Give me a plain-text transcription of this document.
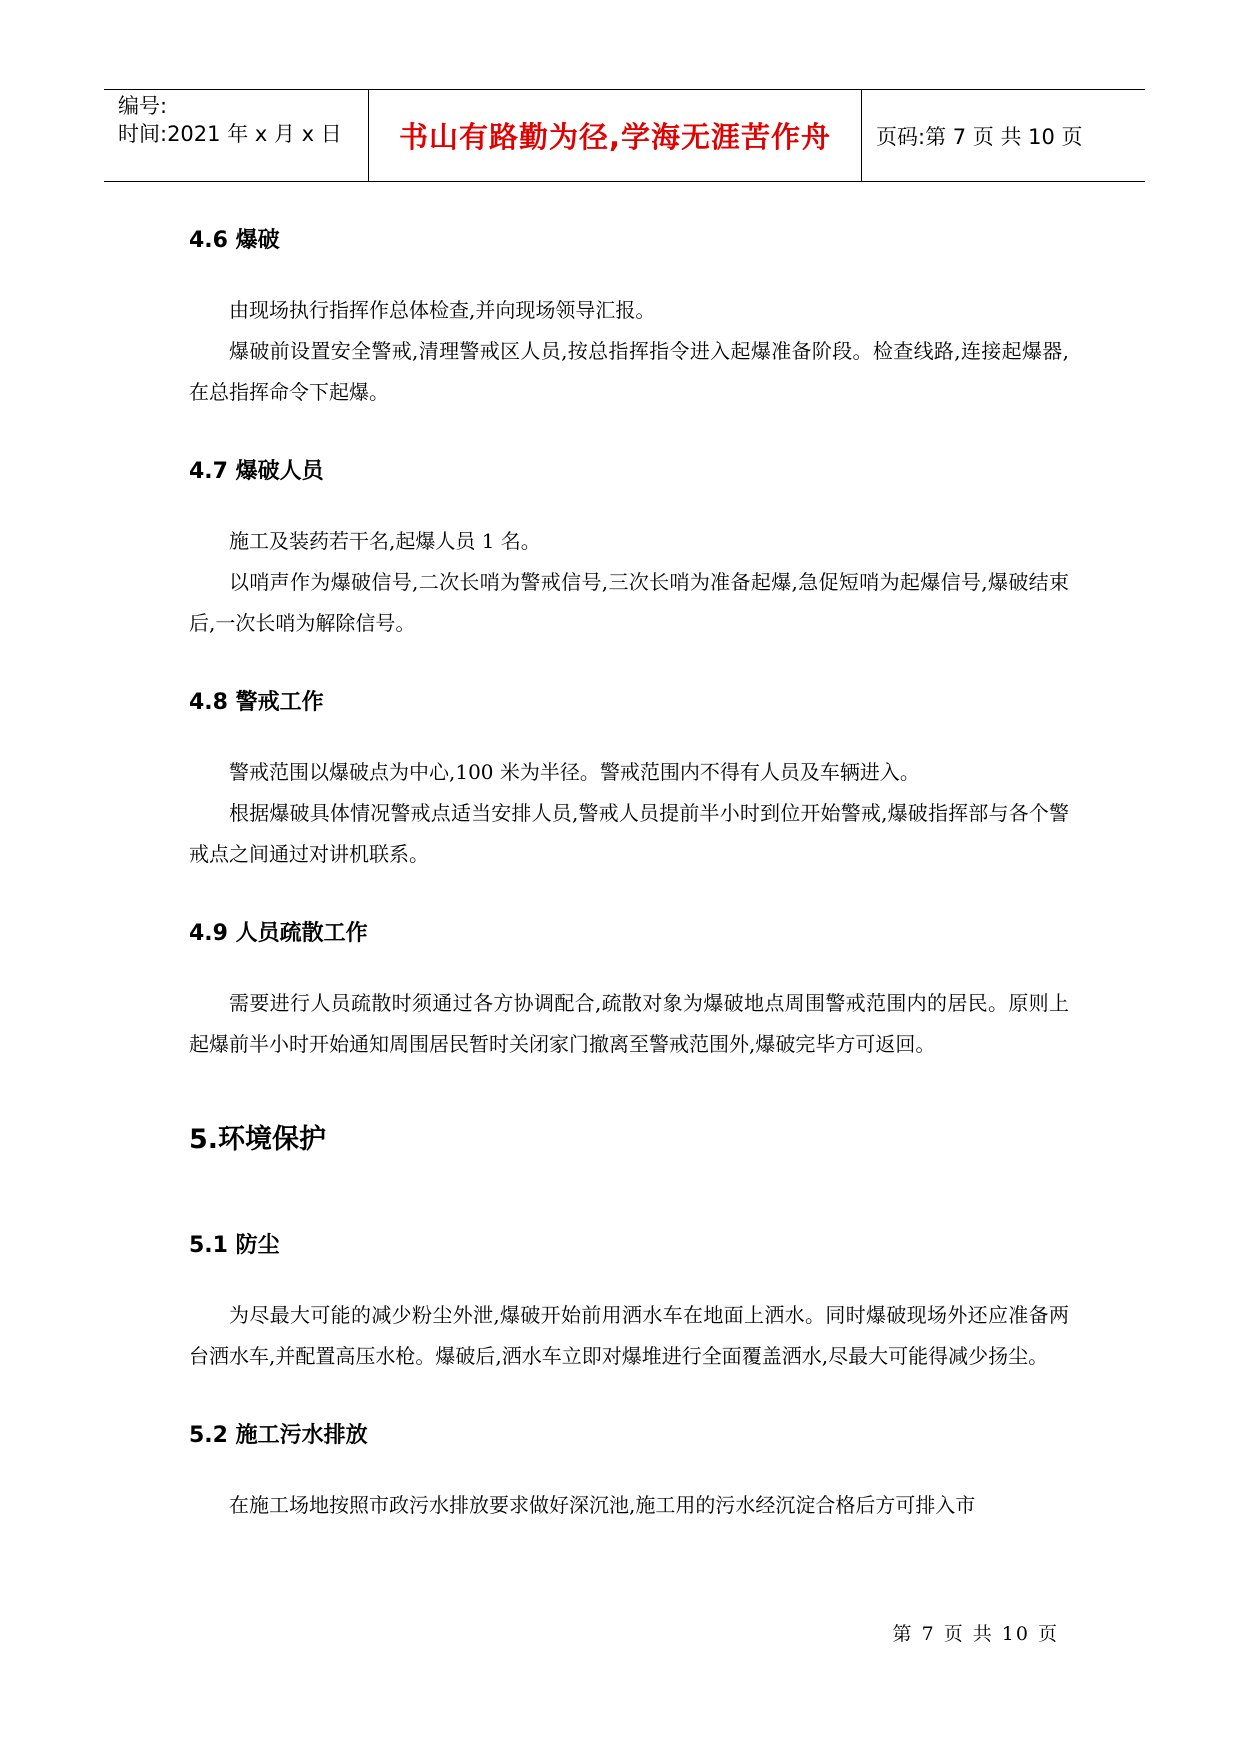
编号:
时间:2021 年 x 月 x 日	书山有路勤为径,学海无涯苦作舟	页码:第 7 页 共 10 页
4.6 爆破

由现场执行指挥作总体检查,并向现场领导汇报。

爆破前设置安全警戒,清理警戒区人员,按总指挥指令进入起爆准备阶段。检查线路,连接起爆器,在总指挥命令下起爆。

4.7 爆破人员

施工及装药若干名,起爆人员 1 名。

以哨声作为爆破信号,二次长哨为警戒信号,三次长哨为准备起爆,急促短哨为起爆信号,爆破结束后,一次长哨为解除信号。

4.8 警戒工作

警戒范围以爆破点为中心,100 米为半径。警戒范围内不得有人员及车辆进入。

根据爆破具体情况警戒点适当安排人员,警戒人员提前半小时到位开始警戒,爆破指挥部与各个警戒点之间通过对讲机联系。

4.9 人员疏散工作

需要进行人员疏散时须通过各方协调配合,疏散对象为爆破地点周围警戒范围内的居民。原则上起爆前半小时开始通知周围居民暂时关闭家门撤离至警戒范围外,爆破完毕方可返回。

5.环境保护
5.1 防尘

为尽最大可能的减少粉尘外泄,爆破开始前用洒水车在地面上洒水。同时爆破现场外还应准备两台洒水车,并配置高压水枪。爆破后,洒水车立即对爆堆进行全面覆盖洒水,尽最大可能得减少扬尘。

5.2 施工污水排放

在施工场地按照市政污水排放要求做好深沉池,施工用的污水经沉淀合格后方可排入市

第 7 页 共 10 页
